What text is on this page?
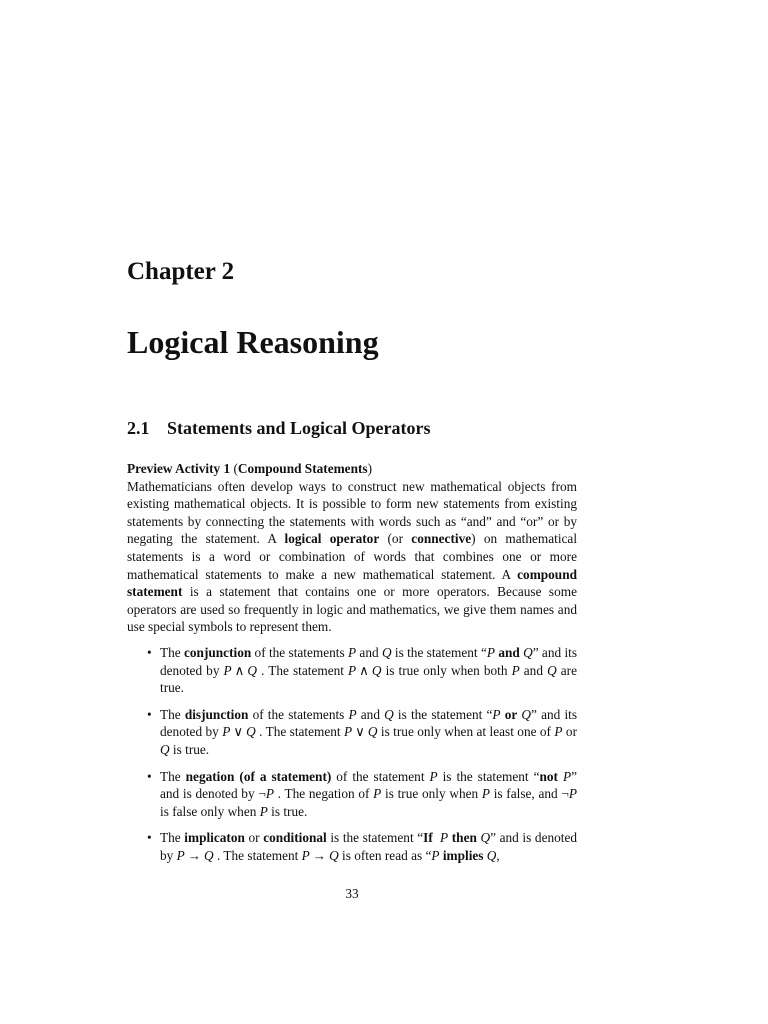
Chapter 2
Logical Reasoning
2.1 Statements and Logical Operators

Preview Activity 1 (Compound Statements)

Mathematicians often develop ways to construct new mathematical objects from existing mathematical objects. It is possible to form new statements from existing statements by connecting the statements with words such as “and” and “or” or by negating the statement. A logical operator (or connective) on mathematical statements is a word or combination of words that combines one or more mathematical statements to make a new mathematical statement. A compound statement is a statement that contains one or more operators. Because some operators are used so frequently in logic and mathematics, we give them names and use special symbols to represent them.

• The conjunction of the statements P and Q is the statement “P and Q” and its denoted by P ∧ Q . The statement P ∧ Q is true only when both P and Q are true.
• The disjunction of the statements P and Q is the statement “P or Q” and its denoted by P ∨ Q . The statement P ∨ Q is true only when at least one of P or Q is true.
• The negation (of a statement) of the statement P is the statement “not P” and is denoted by ¬P . The negation of P is true only when P is false, and ¬P is false only when P is true.
• The implicaton or conditional is the statement “If P then Q” and is denoted by P → Q . The statement P → Q is often read as “P implies Q,
33
